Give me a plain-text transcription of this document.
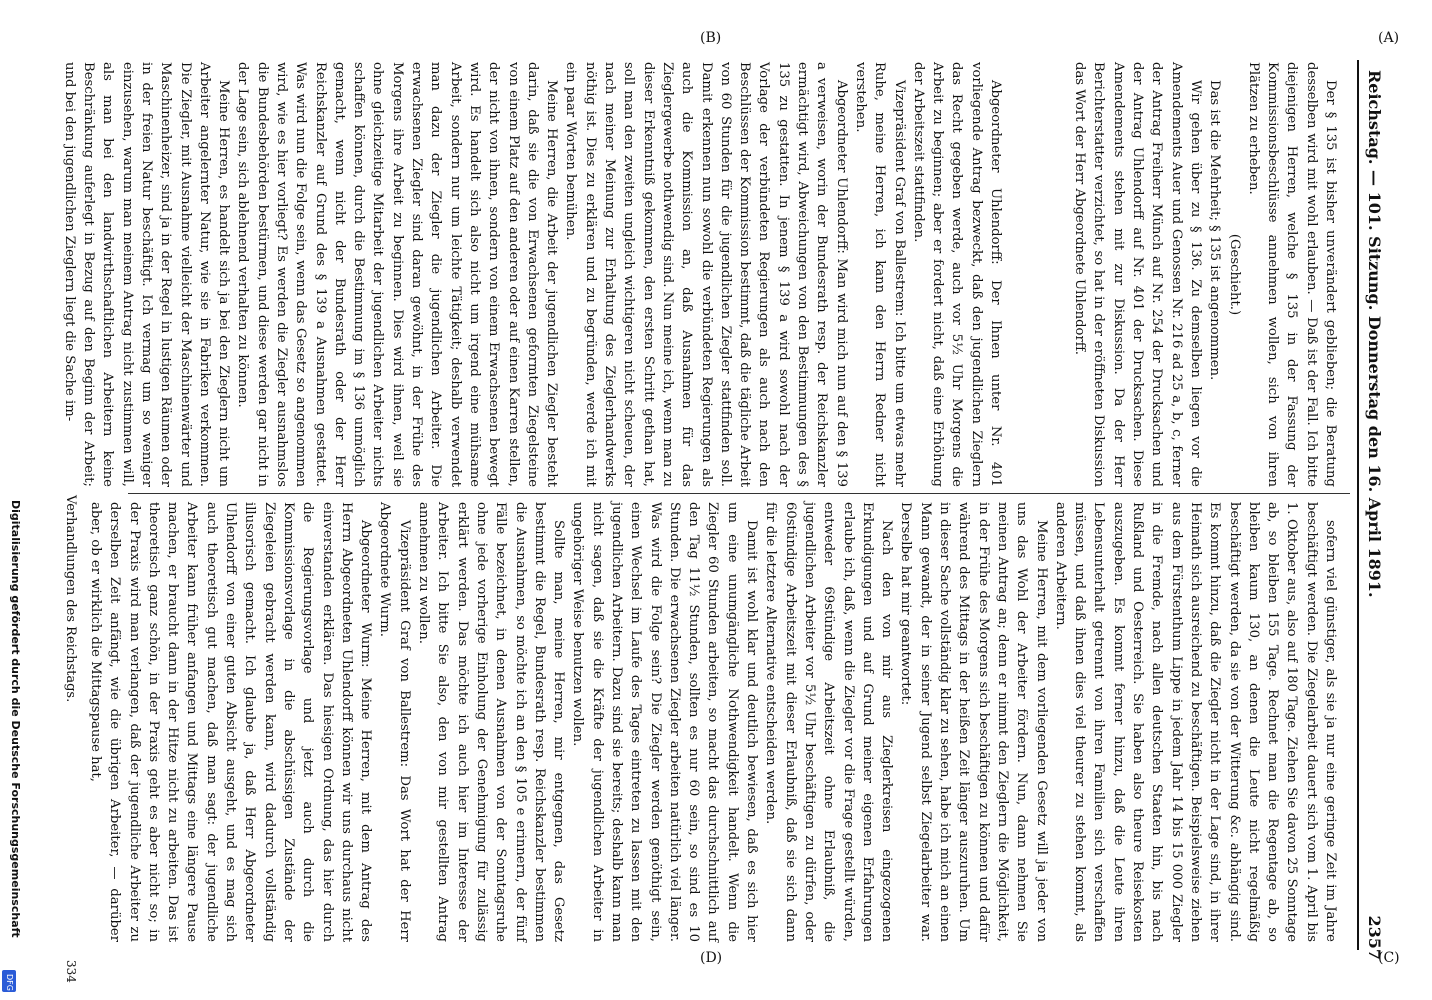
Reichstag. — 101. Sitzung. Donnerstag den 16. April 1891.
2357
(A)
(B)
(C)
(D)

Der § 135 ist bisher unverändert geblieben; die Beratung desselben wird mit wohl erlauben. — Daß ist der Fall. Ich bitte diejenigen Herren, welche § 135 in der Fassung der Kommissionsbeschlüsse annehmen wollen, sich von ihren Plätzen zu erheben.

(Geschieht.)

Das ist die Mehrheit; § 135 ist angenommen.

Wir gehen über zu § 136. Zu demselben liegen vor die Amendements Auer und Genossen Nr. 216 ad 25 a, b, c, ferner der Antrag Freiherr Münch auf Nr. 254 der Drucksachen und der Antrag Uhlendorff auf Nr. 401 der Drucksachen. Diese Amendements stehen mit zur Diskussion. Da der Herr Berichterstatter verzichtet, so hat in der eröffneten Diskussion das Wort der Herr Abgeordnete Uhlendorff.

Abgeordneter Uhlendorff: Der Ihnen unter Nr. 401 vorliegende Antrag bezweckt, daß den jugendlichen Zieglern das Recht gegeben werde, auch vor 5½ Uhr Morgens die Arbeit zu beginnen; aber er fordert nicht, daß eine Erhöhung der Arbeitszeit stattfinden.

Vizepräsident Graf von Ballestrem: Ich bitte um etwas mehr Ruhe, meine Herren, ich kann den Herrn Redner nicht verstehen.

Abgeordneter Uhlendorff: Man wird mich nun auf den § 139 a verweisen, worin der Bundesrath resp. der Reichskanzler ermächtigt wird, Abweichungen von den Bestimmungen des § 135 zu gestatten. In jenem § 139 a wird sowohl nach der Vorlage der verbündeten Regierungen als auch nach den Beschlüssen der Kommission bestimmt, daß die tägliche Arbeit von 60 Stunden für die jugendlichen Ziegler stattfinden soll. Damit erkennen nun sowohl die verbündeten Regierungen als auch die Kommission an, daß Ausnahmen für das Zieglergewerbe nothwendig sind. Nun meine ich, wenn man zu dieser Erkenntniß gekommen, den ersten Schritt gethan hat, soll man den zweiten ungleich wichtigeren nicht scheuen, der nach meiner Meinung zur Erhaltung des Zieglerhandwerks nöthig ist. Dies zu erklären und zu begründen, werde ich mit ein paar Worten bemühen.

Meine Herren, die Arbeit der jugendlichen Ziegler besteht darin, daß sie die von Erwachsenen geformten Ziegelsteine von einem Platz auf den anderen oder auf einen Karren stellen, der nicht von ihnen, sondern von einem Erwachsenen bewegt wird. Es handelt sich also nicht um irgend eine mühsame Arbeit, sondern nur um leichte Tätigkeit; deshalb verwendet man dazu der Ziegler die jugendlichen Arbeiter. Die erwachsenen Ziegler sind daran gewöhnt, in der Frühe des Morgens ihre Arbeit zu beginnen. Dies wird ihnen, weil sie ohne gleichzeitige Mitarbeit der jugendlichen Arbeiter nichts schaffen können, durch die Bestimmung im § 136 unmöglich gemacht, wenn nicht der Bundesrath oder der Herr Reichskanzler auf Grund des § 139 a Ausnahmen gestattet. Was wird nun die Folge sein, wenn das Gesetz so angenommen wird, wie es hier vorliegt? Es werden die Ziegler ausnahmslos die Bundesbehörden bestürmen, und diese werden gar nicht in der Lage sein, sich ablehnend verhalten zu können.

Meine Herren, es handelt sich ja bei den Zieglern nicht um Arbeiter angelernter Natur, wie sie in Fabriken verkommen. Die Ziegler, mit Ausnahme vielleicht der Maschinenwärter und Maschinenheizer, sind ja in der Regel in lustigen Räumen oder in der freien Natur beschäftigt. Ich vermag um so weniger einzusehen, warum man meinem Antrag nicht zustimmen will, als man bei den landwirthschaftlichen Arbeitern keine Beschränkung auferlegt in Bezug auf den Beginn der Arbeit; und bei den jugendlichen Zieglern liegt die Sache im-

sofern viel günstiger, als sie ja nur eine geringe Zeit im Jahre beschäftigt werden. Die Ziegelarbeit dauert sich vom 1. April bis 1. Oktober aus, also auf 180 Tage. Ziehen Sie davon 25 Sonntage ab, so bleiben 155 Tage. Rechnet man die Regentage ab, so bleiben kaum 130, an denen die Leute nicht regelmäßig beschäftigt werden, da sie von der Witterung &c. abhängig sind. Es kommt hinzu, daß die Ziegler nicht in der Lage sind, in ihrer Heimath sich ausreichend zu beschäftigen. Beispielsweise ziehen aus dem Fürstenthum Lippe in jedem Jahr 14 bis 15 000 Ziegler in die Fremde, nach allen deutschen Staaten hin, bis nach Rußland und Oesterreich. Sie haben also theure Reisekosten auszugeben. Es kommt ferner hinzu, daß die Leute ihren Lebensunterhalt getrennt von ihren Familien sich verschaffen müssen, und daß ihnen dies viel theurer zu stehen kommt, als anderen Arbeitern.

Meine Herren, mit dem vorliegenden Gesetz will ja jeder von uns das Wohl der Arbeiter fördern. Nun, dann nehmen Sie meinen Antrag an; denn er nimmt den Zieglern die Möglichkeit, in der Frühe des Morgens sich beschäftigen zu können und dafür während des Mittags in der heißen Zeit länger auszuruhen. Um in dieser Sache vollständig klar zu sehen, habe ich mich an einen Mann gewandt, der in seiner Jugend selbst Ziegelarbeiter war. Derselbe hat mir geantwortet:

Nach den von mir aus Zieglerkreisen eingezogenen Erkundigungen und auf Grund meiner eigenen Erfahrungen erlaube ich, daß, wenn die Ziegler vor die Frage gestellt würden, entweder 69stündige Arbeitszeit ohne Erlaubniß, die jugendlichen Arbeiter vor 5½ Uhr beschäftigen zu dürfen, oder 60stündige Arbeitszeit mit dieser Erlaubniß, daß sie sich dann für die letztere Alternative entscheiden werden.

Damit ist wohl klar und deutlich bewiesen, daß es sich hier um eine unumgängliche Nothwendigkeit handelt. Wenn die Ziegler 60 Stunden arbeiten, so macht das durchschnittlich auf den Tag 11½ Stunden, sollten es nur 60 sein, so sind es 10 Stunden. Die erwachsenen Ziegler arbeiten natürlich viel länger. Was wird die Folge sein? Die Ziegler werden genöthigt sein, einen Wechsel im Laufe des Tages eintreten zu lassen mit den jugendlichen Arbeitern. Dazu sind sie bereits; deshalb kann man nicht sagen, daß sie die Kräfte der jugendlichen Arbeiter in ungehöriger Weise benutzen wollen.

Sollte man, meine Herren, mir entgegnen, das Gesetz bestimmt die Regel, Bundesrath resp. Reichskanzler bestimmen die Ausnahmen, so möchte ich an den § 105 e erinnern, der fünf Fälle bezeichnet, in denen Ausnahmen von der Sonntagsruhe ohne jede vorherige Einholung der Genehmigung für zulässig erklärt werden. Das möchte ich auch hier im Interesse der Arbeiter. Ich bitte Sie also, den von mir gestellten Antrag annehmen zu wollen.

Vizepräsident Graf von Ballestrem: Das Wort hat der Herr Abgeordnete Wurm.

Abgeordneter Wurm: Meine Herren, mit dem Antrag des Herrn Abgeordneten Uhlendorff können wir uns durchaus nicht einverstanden erklären. Das hiesigen Ordnung, das hier durch die Regierungsvorlage und jetzt auch durch die Kommissionsvorlage in die abschüssigen Zustände der Ziegeleien gebracht werden kann, wird dadurch vollständig illusorisch gemacht. Ich glaube ja, daß Herr Abgeordneter Uhlendorff von einer guten Absicht ausgeht, und es mag sich auch theoretisch gut machen, daß man sagt: der jugendliche Arbeiter kann früher anfangen und Mittags eine längere Pause machen, er braucht dann in der Hitze nicht zu arbeiten. Das ist theoretisch ganz schön, in der Praxis geht es aber nicht so; in der Praxis wird man verlangen, daß der jugendliche Arbeiter zu derselben Zeit anfängt, wie die übrigen Arbeiter, — darüber aber, ob er wirklich die Mittagspause hat,

Verhandlungen des Reichstags.
334
Digitalisierung gefördert durch die Deutsche Forschungsgemeinschaft
DFG
